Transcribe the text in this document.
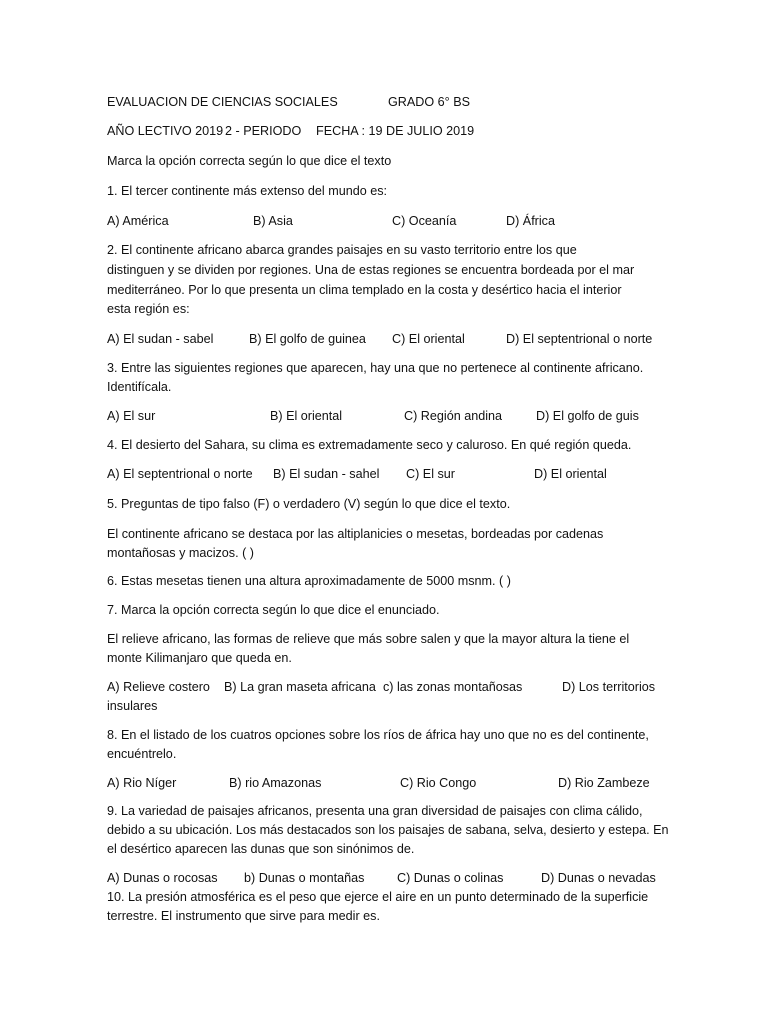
EVALUACION DE CIENCIAS SOCIALES	GRADO 6° BS
AÑO LECTIVO 2019 2 - PERIODO FECHA : 19 DE JULIO 2019
Marca la opción correcta según lo que dice el texto
1. El tercer continente más extenso del mundo es:
A) América	B) Asia	C) Oceanía	D) África
2. El continente africano abarca grandes paisajes en su vasto territorio entre los que
distinguen y se dividen por regiones. Una de estas regiones se encuentra bordeada por el mar
mediterráneo. Por lo que presenta un clima templado en la costa y desértico hacia el interior
esta región es:
A) El sudan - sabel	B) El golfo de guinea C) El oriental	D) El septentrional o norte
3. Entre las siguientes regiones que aparecen, hay una que no pertenece al continente africano.
Identifícala.
A) El sur	B) El oriental	C) Región andina	D) El golfo de guis
4. El desierto del Sahara, su clima es extremadamente seco y caluroso. En qué región queda.
A) El septentrional o norte B) El sudan - sahel C) El sur	D) El oriental
5. Preguntas de tipo falso (F) o verdadero (V) según lo que dice el texto.
El continente africano se destaca por las altiplanicies o mesetas, bordeadas por cadenas
montañosas y macizos. ( )
6. Estas mesetas tienen una altura aproximadamente de 5000 msnm. ( )
7. Marca la opción correcta según lo que dice el enunciado.
El relieve africano, las formas de relieve que más sobre salen y que la mayor altura la tiene el
monte Kilimanjaro que queda en.
A) Relieve costero B) La gran maseta africana c) las zonas montañosas	D) Los territorios
insulares
8. En el listado de los cuatros opciones sobre los ríos de áfrica hay uno que no es del continente,
encuéntrelo.
A) Rio Níger	B) rio Amazonas	C) Rio Congo	D) Rio Zambeze
9. La variedad de paisajes africanos, presenta una gran diversidad de paisajes con clima cálido,
debido a su ubicación. Los más destacados son los paisajes de sabana, selva, desierto y estepa. En
el desértico aparecen las dunas que son sinónimos de.
A) Dunas o rocosas b) Dunas o montañas	C) Dunas o colinas	D) Dunas o nevadas
10. La presión atmosférica es el peso que ejerce el aire en un punto determinado de la superficie
terrestre. El instrumento que sirve para medir es.
